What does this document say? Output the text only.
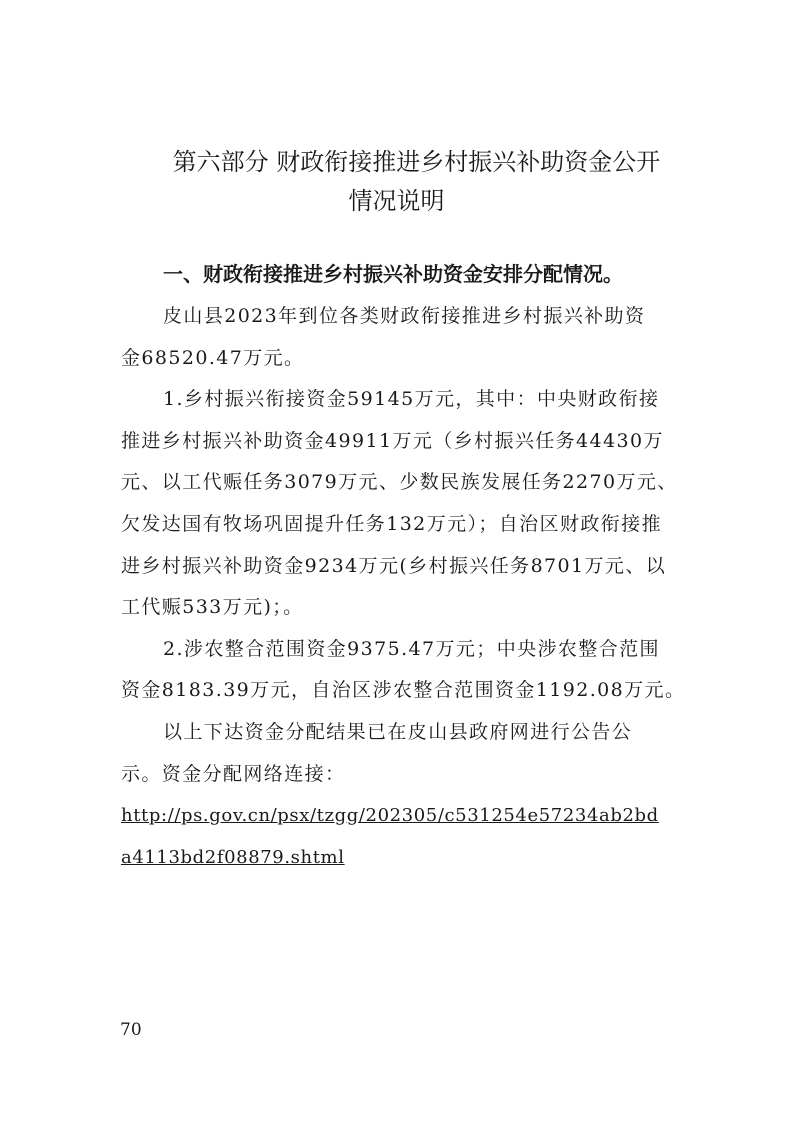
第六部分 财政衔接推进乡村振兴补助资金公开
情况说明
一、财政衔接推进乡村振兴补助资金安排分配情况。
皮山县2023年到位各类财政衔接推进乡村振兴补助资
金68520.47万元。
1.乡村振兴衔接资金59145万元，其中：中央财政衔接
推进乡村振兴补助资金49911万元（乡村振兴任务44430万
元、以工代赈任务3079万元、少数民族发展任务2270万元、
欠发达国有牧场巩固提升任务132万元）；自治区财政衔接推
进乡村振兴补助资金9234万元(乡村振兴任务8701万元、以
工代赈533万元)；。
2.涉农整合范围资金9375.47万元；中央涉农整合范围
资金8183.39万元，自治区涉农整合范围资金1192.08万元。
以上下达资金分配结果已在皮山县政府网进行公告公
示。资金分配网络连接：
http://ps.gov.cn/psx/tzgg/202305/c531254e57234ab2bd
a4113bd2f08879.shtml
70
